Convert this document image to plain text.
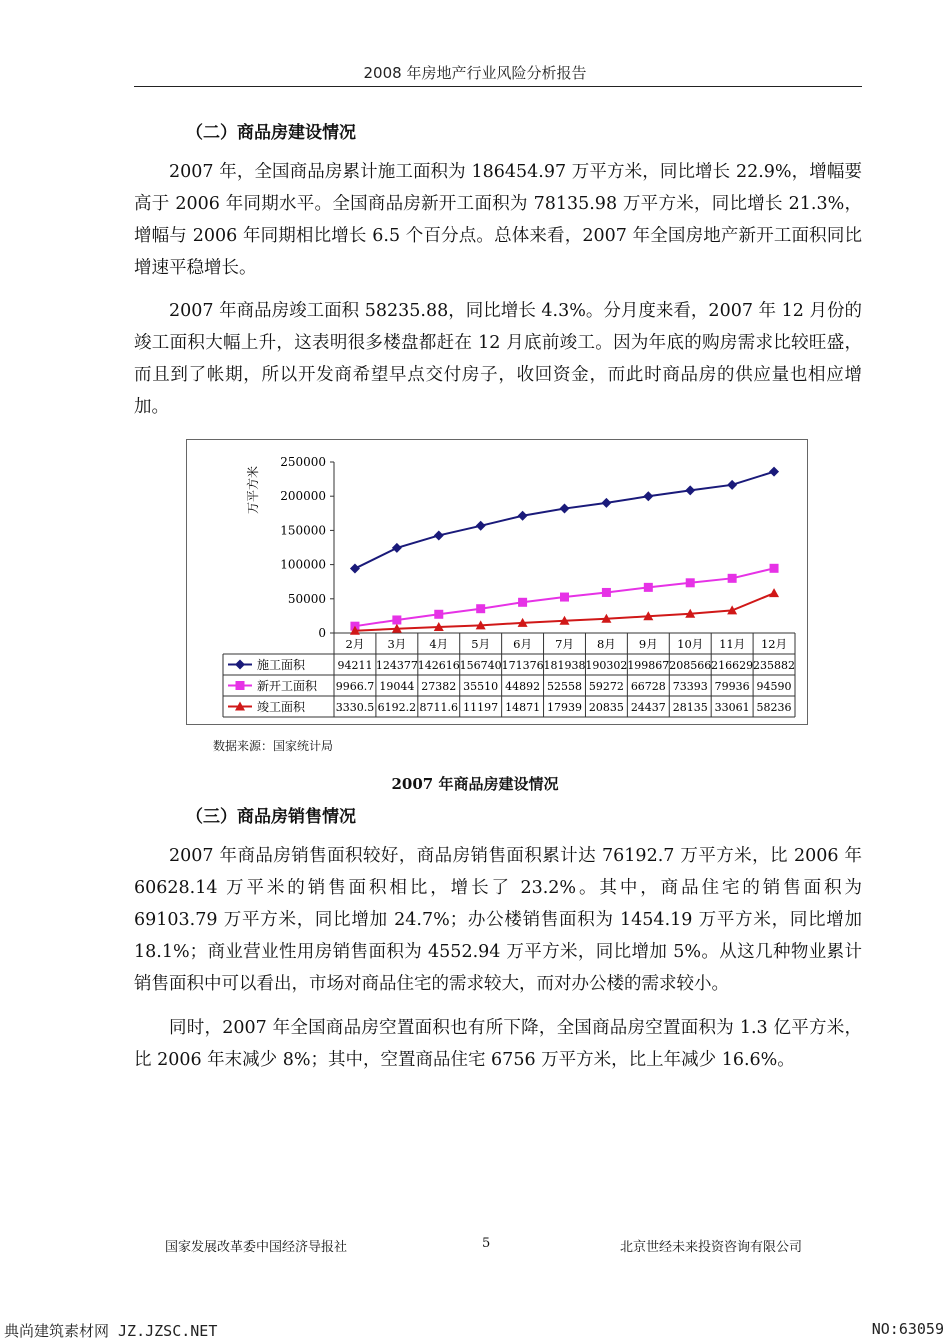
2008 年房地产行业风险分析报告
（二）商品房建设情况

2007 年，全国商品房累计施工面积为 186454.97 万平方米，同比增长 22.9%，增幅要高于 2006 年同期水平。全国商品房新开工面积为 78135.98 万平方米，同比增长 21.3%，增幅与 2006 年同期相比增长 6.5 个百分点。总体来看，2007 年全国房地产新开工面积同比增速平稳增长。

2007 年商品房竣工面积 58235.88，同比增长 4.3%。分月度来看，2007 年 12 月份的竣工面积大幅上升，这表明很多楼盘都赶在 12 月底前竣工。因为年底的购房需求比较旺盛，而且到了帐期，所以开发商希望早点交付房子，收回资金，而此时商品房的供应量也相应增加。

万平方米
0
50000
100000
150000
200000
250000
2月 3月 4月 5月 6月 7月 8月 9月 10月 11月 12月
施工面积	94211 124377 142616 156740 171376 181938 190302 199867 208566 216629 235882
新开工面积 9966.7 19044 27382 35510 44892 52558 59272 66728 73393 79936 94590
竣工面积	3330.5 6192.2 8711.6 11197 14871 17939 20835 24437 28135 33061 58236
数据来源：国家统计局
2007 年商品房建设情况
（三）商品房销售情况

2007 年商品房销售面积较好，商品房销售面积累计达 76192.7 万平方米，比 2006 年 60628.14 万平米的销售面积相比，增长了 23.2%。其中，商品住宅的销售面积为 69103.79 万平方米，同比增加 24.7%；办公楼销售面积为 1454.19 万平方米，同比增加 18.1%；商业营业性用房销售面积为 4552.94 万平方米，同比增加 5%。从这几种物业累计销售面积中可以看出，市场对商品住宅的需求较大，而对办公楼的需求较小。

同时，2007 年全国商品房空置面积也有所下降，全国商品房空置面积为 1.3 亿平方米，比 2006 年末减少 8%；其中，空置商品住宅 6756 万平方米，比上年减少 16.6%。

国家发展改革委中国经济导报社	5	北京世经未来投资咨询有限公司
典尚建筑素材网 JZ.JZSC.NET	NO:63059
